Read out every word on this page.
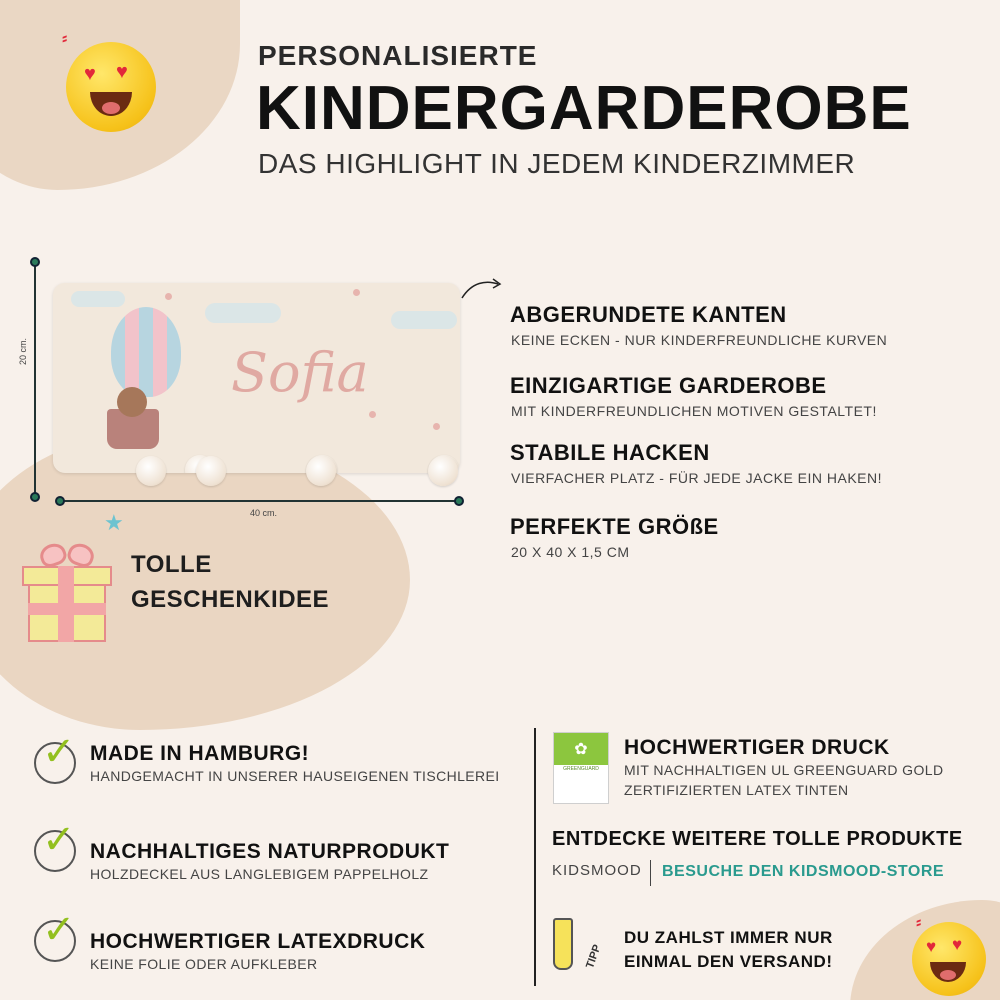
⸗
♥ ♥
PERSONALISIERTE
KINDERGARDEROBE
DAS HIGHLIGHT IN JEDEM KINDERZIMMER
20 cm.
40 cm.
Sofia
ABGERUNDETE KANTEN
KEINE ECKEN - NUR KINDERFREUNDLICHE KURVEN
EINZIGARTIGE GARDEROBE
MIT KINDERFREUNDLICHEN MOTIVEN GESTALTET!
STABILE HACKEN
VIERFACHER PLATZ - FÜR JEDE JACKE EIN HAKEN!
PERFEKTE GRÖßE
20 X 40 X 1,5 CM
★
TOLLE
GESCHENKIDEE
✓ MADE IN HAMBURG!
HANDGEMACHT IN UNSERER HAUSEIGENEN TISCHLEREI
✓ NACHHALTIGES NATURPRODUKT
HOLZDECKEL AUS LANGLEBIGEM PAPPELHOLZ
✓ HOCHWERTIGER LATEXDRUCK
KEINE FOLIE ODER AUFKLEBER
✿
GREENGUARD
HOCHWERTIGER DRUCK
MIT NACHHALTIGEN UL GREENGUARD GOLD
ZERTIFIZIERTEN LATEX TINTEN
ENTDECKE WEITERE TOLLE PRODUKTE
KIDSMOOD BESUCHE DEN KIDSMOOD-STORE
TIPP
DU ZAHLST IMMER NUR
EINMAL DEN VERSAND!
⸗
♥ ♥
